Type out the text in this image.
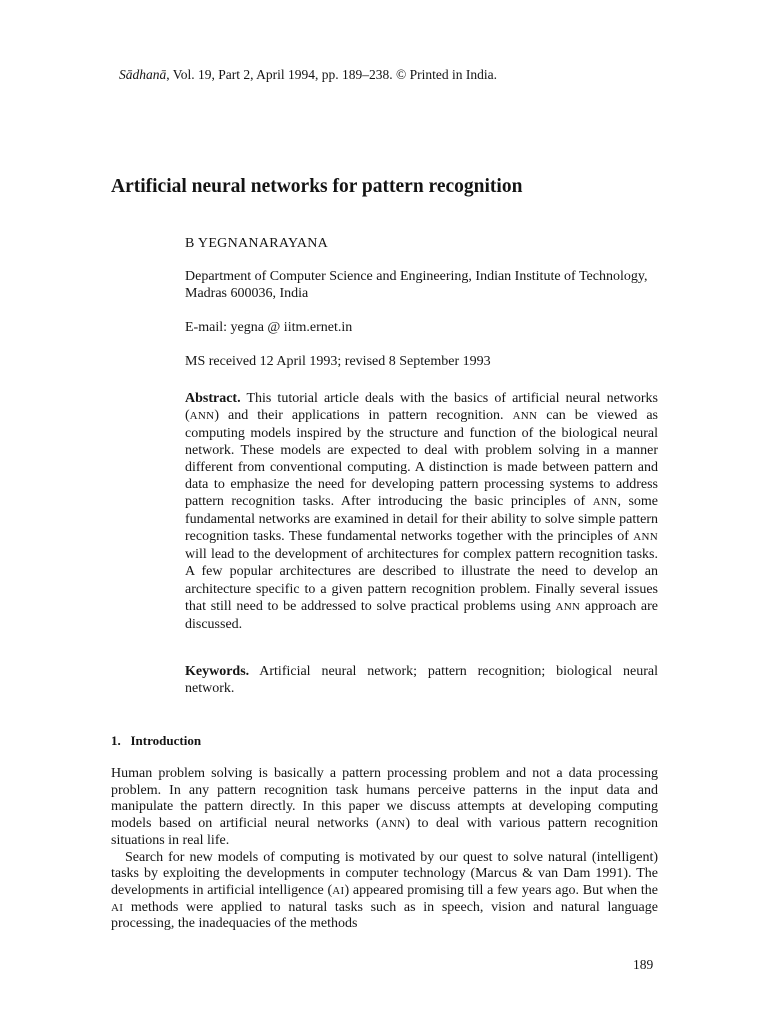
Sādhanā, Vol. 19, Part 2, April 1994, pp. 189–238. © Printed in India.
Artificial neural networks for pattern recognition
B YEGNANARAYANA
Department of Computer Science and Engineering, Indian Institute of Technology, Madras 600036, India
E-mail: yegna @ iitm.ernet.in
MS received 12 April 1993; revised 8 September 1993
Abstract. This tutorial article deals with the basics of artificial neural networks (ANN) and their applications in pattern recognition. ANN can be viewed as computing models inspired by the structure and function of the biological neural network. These models are expected to deal with problem solving in a manner different from conventional computing. A distinction is made between pattern and data to emphasize the need for developing pattern processing systems to address pattern recognition tasks. After introducing the basic principles of ANN, some fundamental networks are examined in detail for their ability to solve simple pattern recognition tasks. These fundamental networks together with the principles of ANN will lead to the development of architectures for complex pattern recognition tasks. A few popular architectures are described to illustrate the need to develop an architecture specific to a given pattern recognition problem. Finally several issues that still need to be addressed to solve practical problems using ANN approach are discussed.
Keywords. Artificial neural network; pattern recognition; biological neural network.
1. Introduction

Human problem solving is basically a pattern processing problem and not a data processing problem. In any pattern recognition task humans perceive patterns in the input data and manipulate the pattern directly. In this paper we discuss attempts at developing computing models based on artificial neural networks (ANN) to deal with various pattern recognition situations in real life.

Search for new models of computing is motivated by our quest to solve natural (intelligent) tasks by exploiting the developments in computer technology (Marcus & van Dam 1991). The developments in artificial intelligence (AI) appeared promising till a few years ago. But when the AI methods were applied to natural tasks such as in speech, vision and natural language processing, the inadequacies of the methods

189
